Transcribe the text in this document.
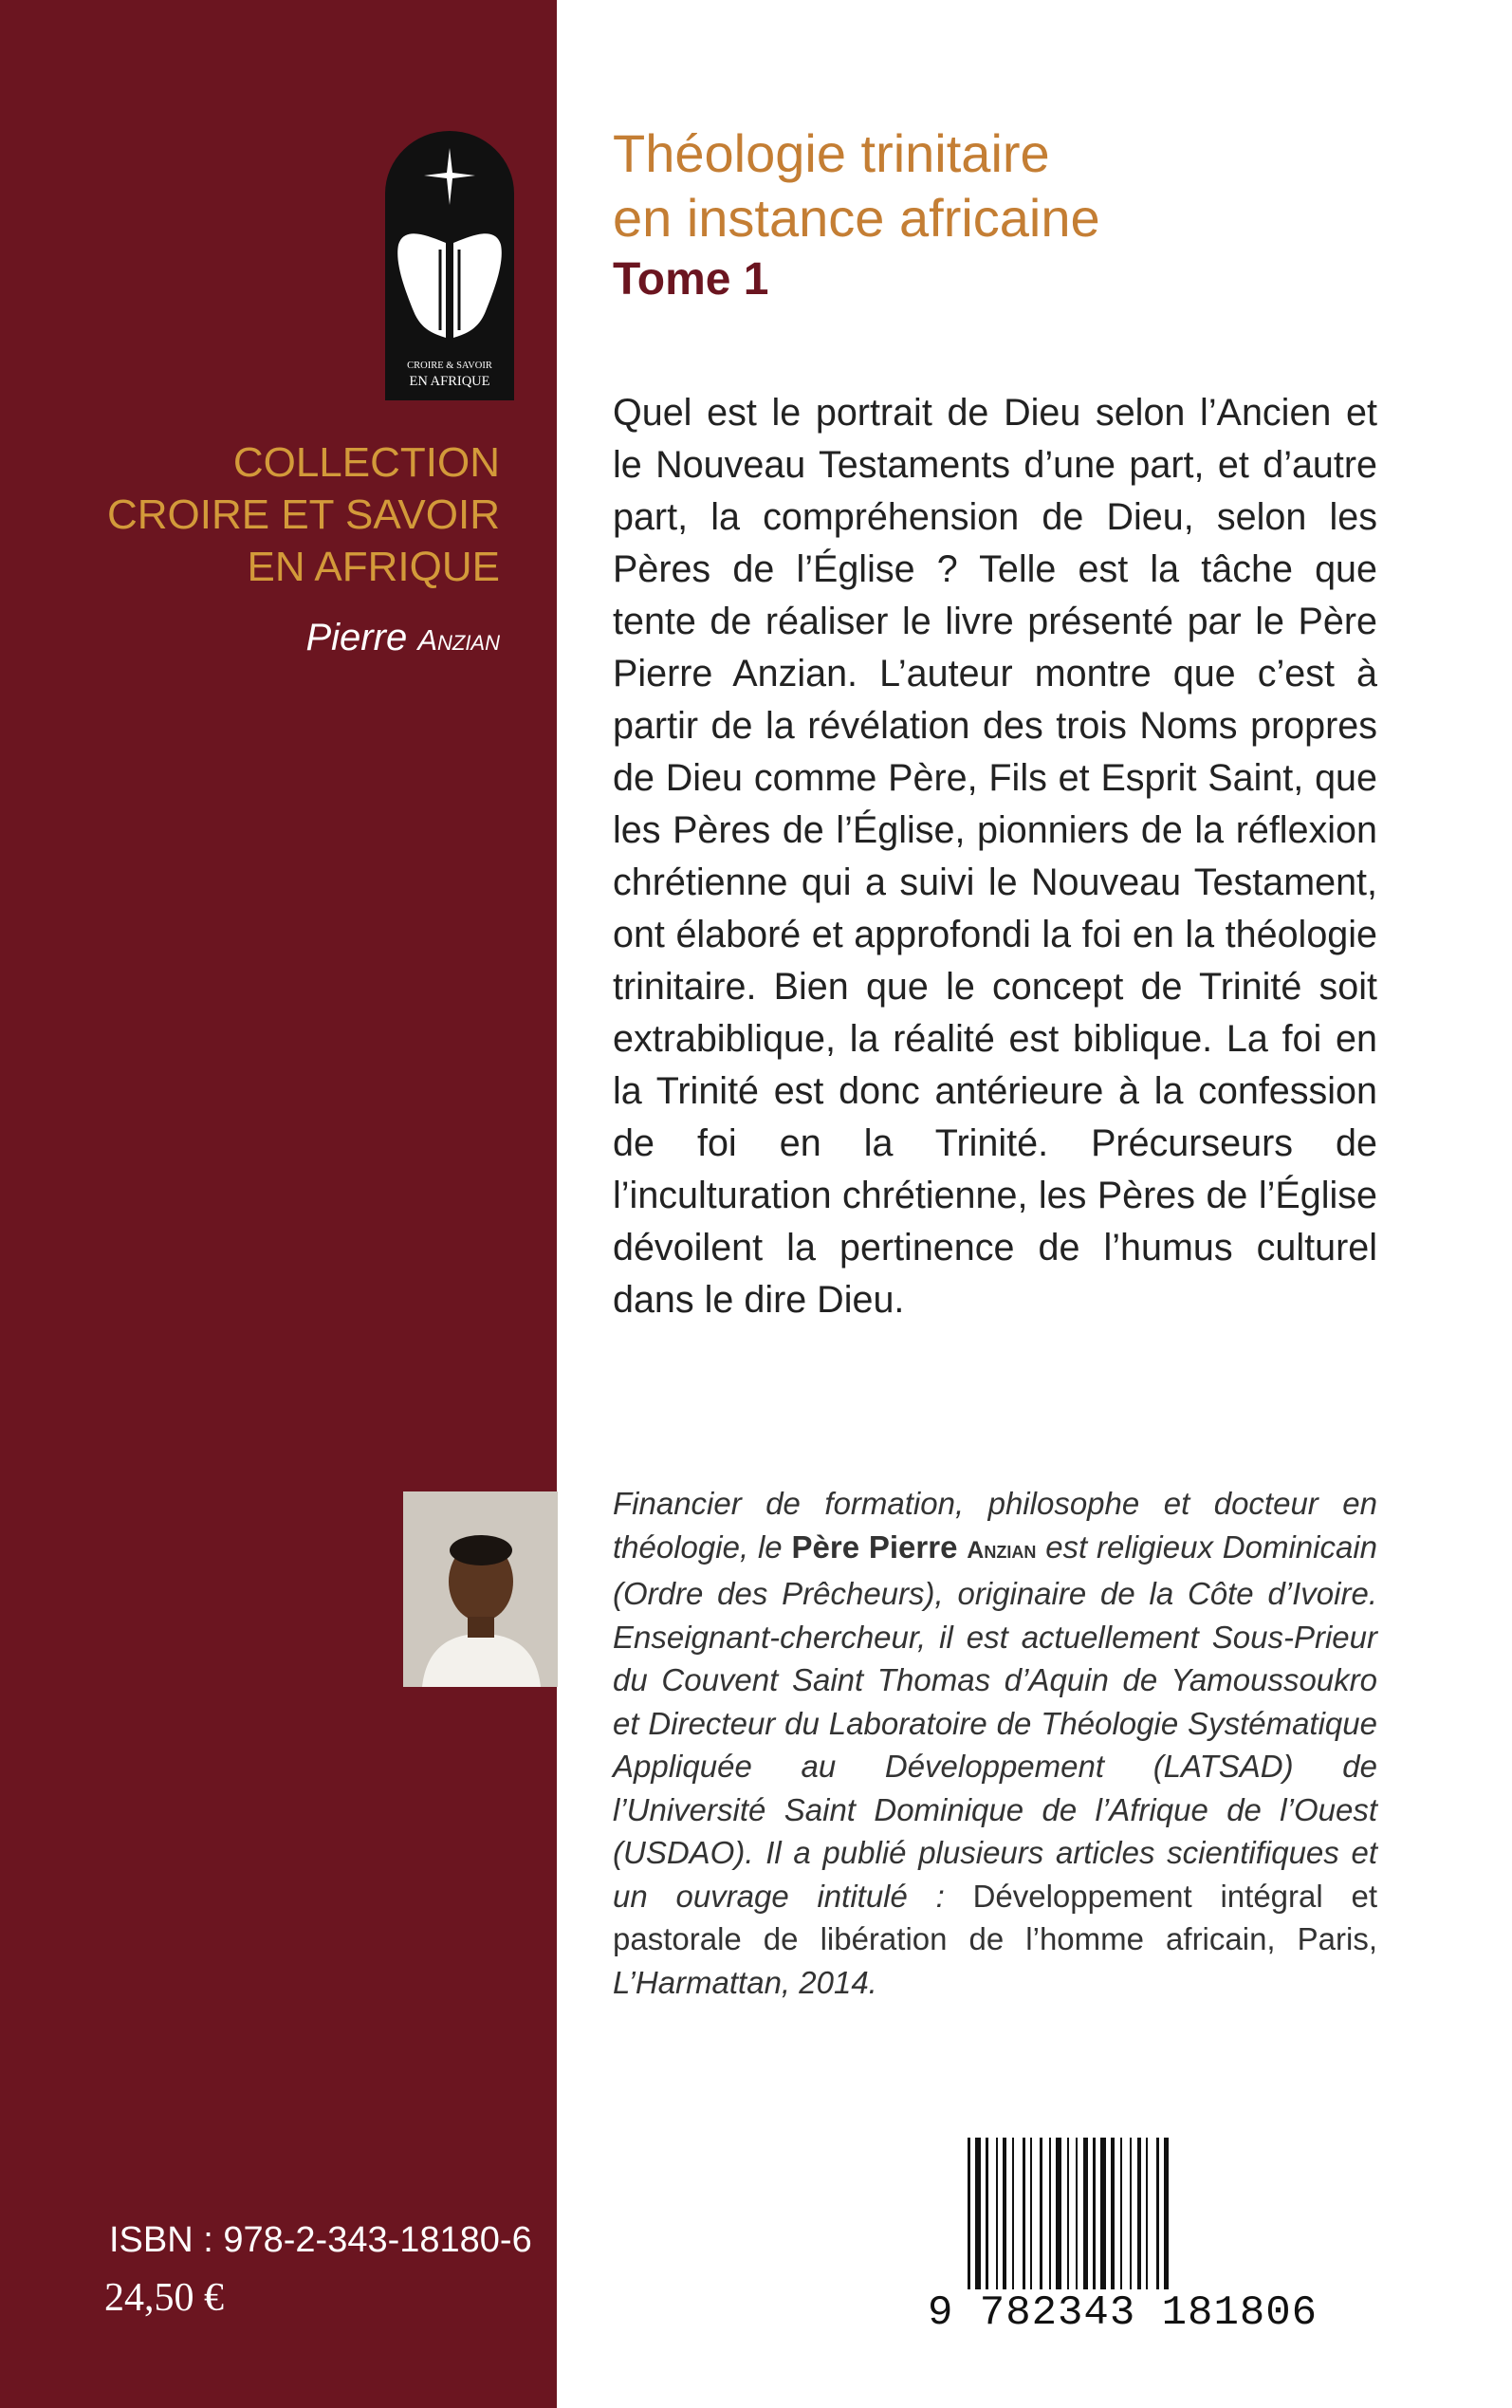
CROIRE & SAVOIR
EN AFRIQUE
COLLECTION
CROIRE ET SAVOIR
EN AFRIQUE
Pierre Anzian
Théologie trinitaire
en instance africaine
Tome 1

Quel est le portrait de Dieu selon l’Ancien et le Nouveau Testaments d’une part, et d’autre part, la compréhension de Dieu, selon les Pères de l’Église ? Telle est la tâche que tente de réaliser le livre présenté par le Père Pierre Anzian. L’auteur montre que c’est à partir de la révélation des trois Noms propres de Dieu comme Père, Fils et Esprit Saint, que les Pères de l’Église, pionniers de la réflexion chrétienne qui a suivi le Nouveau Testament, ont élaboré et approfondi la foi en la théologie trinitaire. Bien que le concept de Trinité soit extrabiblique, la réalité est biblique. La foi en la Trinité est donc antérieure à la confession de foi en la Trinité. Précurseurs de l’inculturation chrétienne, les Pères de l’Église dévoilent la pertinence de l’humus culturel dans le dire Dieu.

Financier de formation, philosophe et docteur en théologie, le Père Pierre Anzian est religieux Dominicain (Ordre des Prêcheurs), originaire de la Côte d’Ivoire. Enseignant-chercheur, il est actuellement Sous-Prieur du Couvent Saint Thomas d’Aquin de Yamoussoukro et Directeur du Laboratoire de Théologie Systématique Appliquée au Développement (LATSAD) de l’Université Saint Dominique de l’Afrique de l’Ouest (USDAO). Il a publié plusieurs articles scientifiques et un ouvrage intitulé : Développement intégral et pastorale de libération de l’homme africain, Paris, L’Harmattan, 2014.

ISBN : 978-2-343-18180-6
24,50 €	9 782343 181806
